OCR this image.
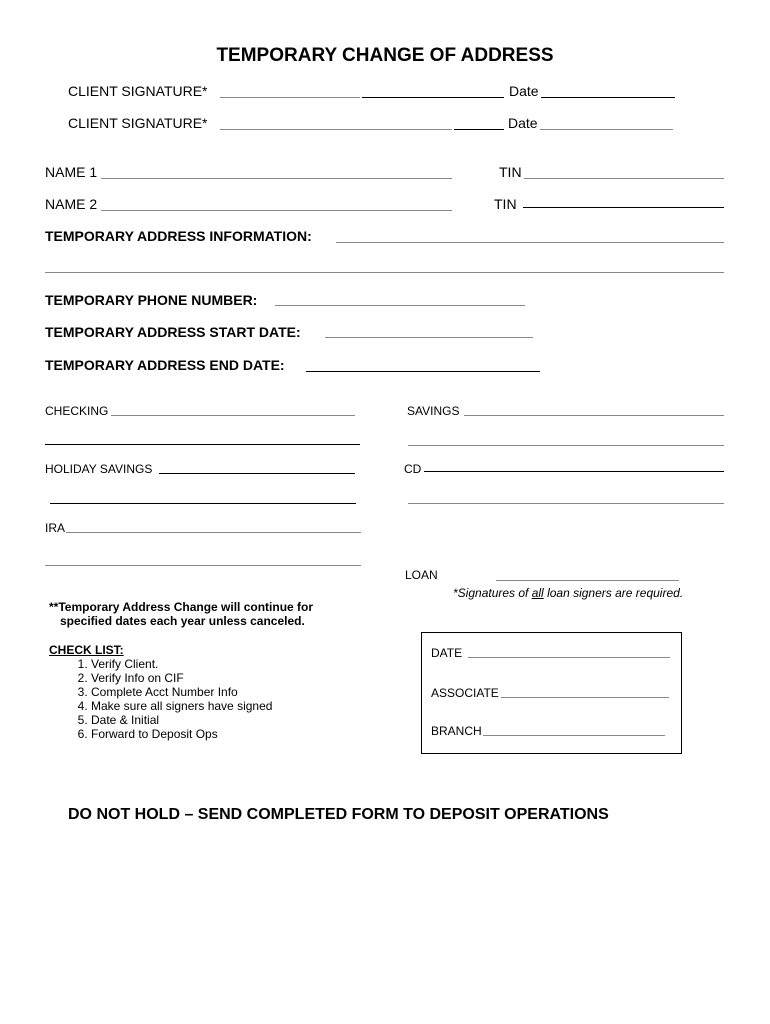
TEMPORARY CHANGE OF ADDRESS
CLIENT SIGNATURE*	Date
CLIENT SIGNATURE*	Date
NAME 1	TIN
NAME 2	TIN
TEMPORARY ADDRESS INFORMATION:
TEMPORARY PHONE NUMBER:
TEMPORARY ADDRESS START DATE:
TEMPORARY ADDRESS END DATE:
CHECKING	SAVINGS
HOLIDAY SAVINGS	CD
IRA
LOAN
*Signatures of all loan signers are required.
**Temporary Address Change will continue for
specified dates each year unless canceled.
CHECK LIST:
1. Verify Client.
2. Verify Info on CIF
3. Complete Acct Number Info
4. Make sure all signers have signed
5. Date & Initial
6. Forward to Deposit Ops
DATE
ASSOCIATE
BRANCH
DO NOT HOLD – SEND COMPLETED FORM TO DEPOSIT OPERATIONS
